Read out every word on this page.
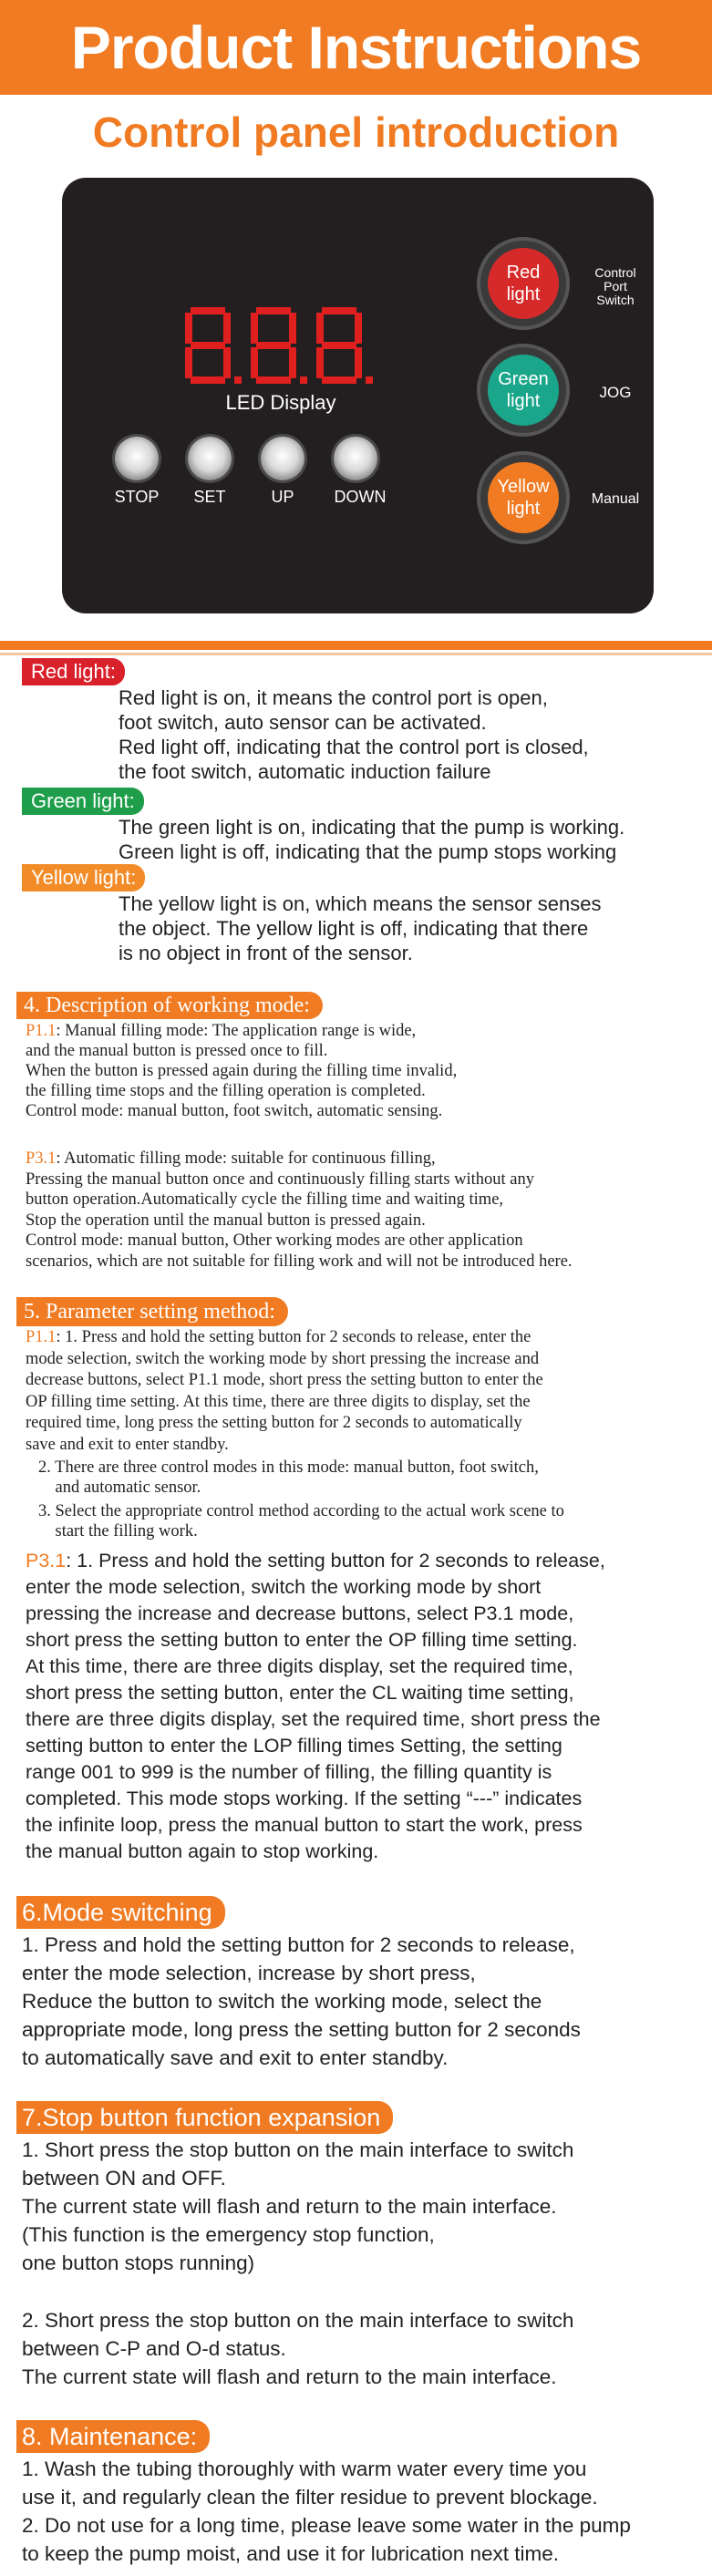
Product Instructions
Control panel introduction
8.8.8.
LED Display
STOP	SET	UP	DOWN
Red
light
Green
light
Yellow
light
Control
Port
Switch
JOG
Manual
Red light:
Red light is on, it means the control port is open,
foot switch, auto sensor can be activated.
Red light off, indicating that the control port is closed,
the foot switch, automatic induction failure
Green light:
The green light is on, indicating that the pump is working.
Green light is off, indicating that the pump stops working
Yellow light:
The yellow light is on, which means the sensor senses
the object. The yellow light is off, indicating that there
is no object in front of the sensor.
4. Description of working mode:
P1.1: Manual filling mode: The application range is wide,
and the manual button is pressed once to fill.
When the button is pressed again during the filling time invalid,
the filling time stops and the filling operation is completed.
Control mode: manual button, foot switch, automatic sensing.
P3.1: Automatic filling mode: suitable for continuous filling,
Pressing the manual button once and continuously filling starts without any
button operation.Automatically cycle the filling time and waiting time,
Stop the operation until the manual button is pressed again.
Control mode: manual button, Other working modes are other application
scenarios, which are not suitable for filling work and will not be introduced here.
5. Parameter setting method:
P1.1: 1. Press and hold the setting button for 2 seconds to release, enter the
mode selection, switch the working mode by short pressing the increase and
decrease buttons, select P1.1 mode, short press the setting button to enter the
OP filling time setting. At this time, there are three digits to display, set the
required time, long press the setting button for 2 seconds to automatically
save and exit to enter standby.
2. There are three control modes in this mode: manual button, foot switch,
and automatic sensor.
3. Select the appropriate control method according to the actual work scene to
start the filling work.
P3.1: 1. Press and hold the setting button for 2 seconds to release,
enter the mode selection, switch the working mode by short
pressing the increase and decrease buttons, select P3.1 mode,
short press the setting button to enter the OP filling time setting.
At this time, there are three digits display, set the required time,
short press the setting button, enter the CL waiting time setting,
there are three digits display, set the required time, short press the
setting button to enter the LOP filling times Setting, the setting
range 001 to 999 is the number of filling, the filling quantity is
completed. This mode stops working. If the setting “---” indicates
the infinite loop, press the manual button to start the work, press
the manual button again to stop working.
6.Mode switching
1. Press and hold the setting button for 2 seconds to release,
enter the mode selection, increase by short press,
Reduce the button to switch the working mode, select the
appropriate mode, long press the setting button for 2 seconds
to automatically save and exit to enter standby.
7.Stop button function expansion
1. Short press the stop button on the main interface to switch
between ON and OFF.
The current state will flash and return to the main interface.
(This function is the emergency stop function,
one button stops running)
2. Short press the stop button on the main interface to switch
between C-P and O-d status.
The current state will flash and return to the main interface.
8. Maintenance:
1. Wash the tubing thoroughly with warm water every time you
use it, and regularly clean the filter residue to prevent blockage.
2. Do not use for a long time, please leave some water in the pump
to keep the pump moist, and use it for lubrication next time.
